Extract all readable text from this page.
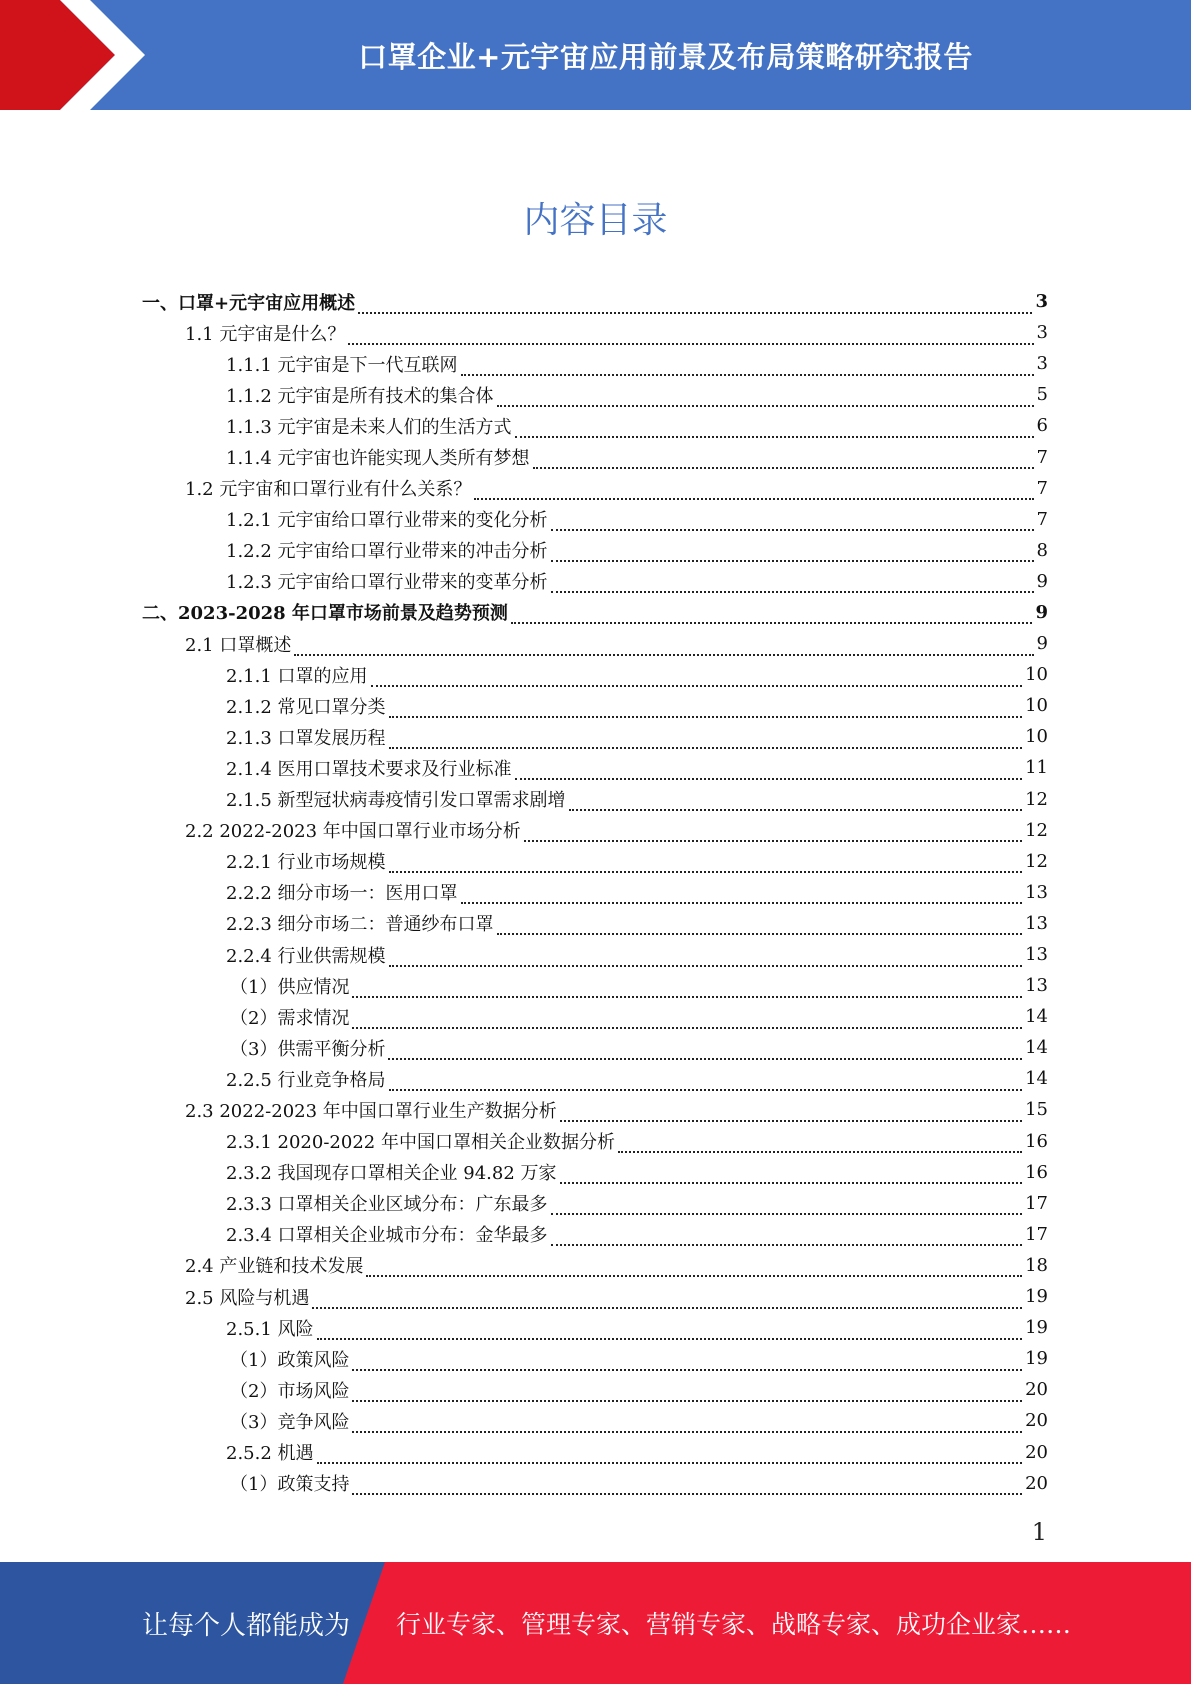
口罩企业+元宇宙应用前景及布局策略研究报告
内容目录
一、口罩+元宇宙应用概述	3
1.1 元宇宙是什么？	3
1.1.1 元宇宙是下一代互联网	3
1.1.2 元宇宙是所有技术的集合体	5
1.1.3 元宇宙是未来人们的生活方式	6
1.1.4 元宇宙也许能实现人类所有梦想	7
1.2 元宇宙和口罩行业有什么关系？	7
1.2.1 元宇宙给口罩行业带来的变化分析	7
1.2.2 元宇宙给口罩行业带来的冲击分析	8
1.2.3 元宇宙给口罩行业带来的变革分析	9
二、2023-2028 年口罩市场前景及趋势预测	9
2.1 口罩概述	9
2.1.1 口罩的应用	10
2.1.2 常见口罩分类	10
2.1.3 口罩发展历程	10
2.1.4 医用口罩技术要求及行业标准	11
2.1.5 新型冠状病毒疫情引发口罩需求剧增	12
2.2 2022-2023 年中国口罩行业市场分析	12
2.2.1 行业市场规模	12
2.2.2 细分市场一：医用口罩	13
2.2.3 细分市场二：普通纱布口罩	13
2.2.4 行业供需规模	13
（1）供应情况	13
（2）需求情况	14
（3）供需平衡分析	14
2.2.5 行业竞争格局	14
2.3 2022-2023 年中国口罩行业生产数据分析	15
2.3.1 2020-2022 年中国口罩相关企业数据分析	16
2.3.2 我国现存口罩相关企业 94.82 万家	16
2.3.3 口罩相关企业区域分布：广东最多	17
2.3.4 口罩相关企业城市分布：金华最多	17
2.4 产业链和技术发展	18
2.5 风险与机遇	19
2.5.1 风险	19
（1）政策风险	19
（2）市场风险	20
（3）竞争风险	20
2.5.2 机遇	20
（1）政策支持	20
1
让每个人都能成为 行业专家、管理专家、营销专家、战略专家、成功企业家……
